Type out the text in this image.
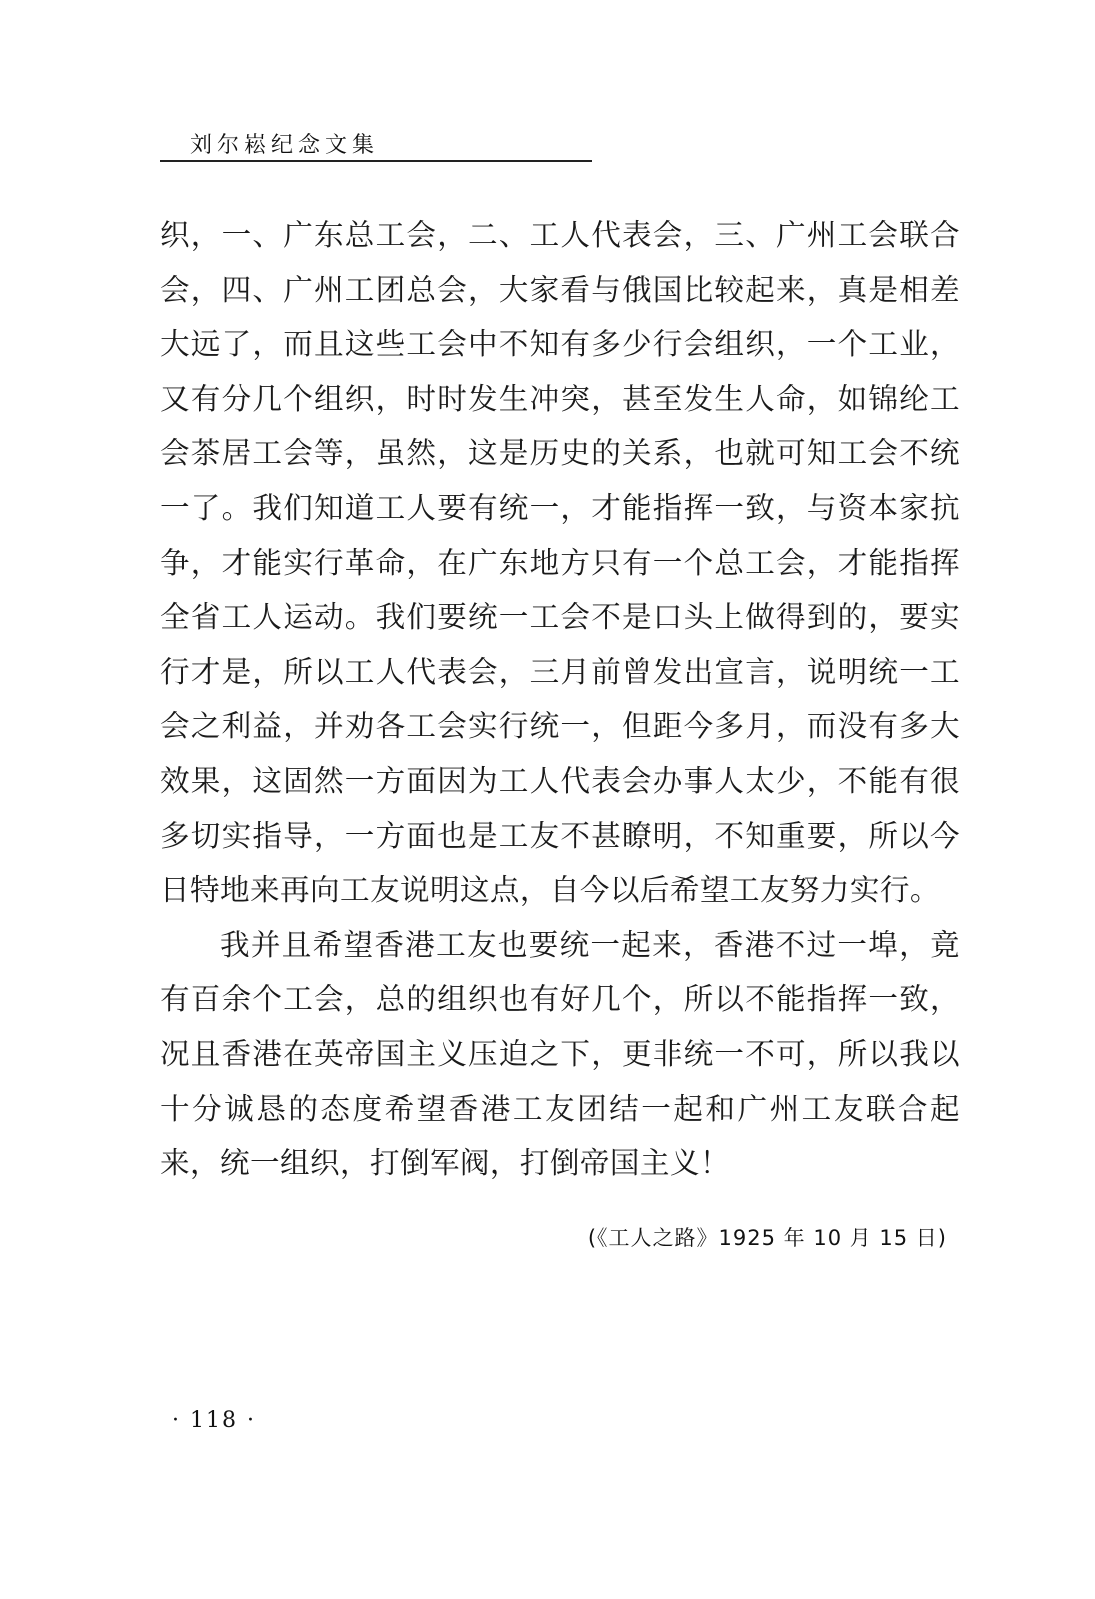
刘尔崧纪念文集

织，一、广东总工会，二、工人代表会，三、广州工会联合会，四、广州工团总会，大家看与俄国比较起来，真是相差大远了，而且这些工会中不知有多少行会组织，一个工业，又有分几个组织，时时发生冲突，甚至发生人命，如锦纶工会茶居工会等，虽然，这是历史的关系，也就可知工会不统一了。我们知道工人要有统一，才能指挥一致，与资本家抗争，才能实行革命，在广东地方只有一个总工会，才能指挥全省工人运动。我们要统一工会不是口头上做得到的，要实行才是，所以工人代表会，三月前曾发出宣言，说明统一工会之利益，并劝各工会实行统一，但距今多月，而没有多大效果，这固然一方面因为工人代表会办事人太少，不能有很多切实指导，一方面也是工友不甚瞭明，不知重要，所以今日特地来再向工友说明这点，自今以后希望工友努力实行。

我并且希望香港工友也要统一起来，香港不过一埠，竟有百余个工会，总的组织也有好几个，所以不能指挥一致，况且香港在英帝国主义压迫之下，更非统一不可，所以我以十分诚恳的态度希望香港工友团结一起和广州工友联合起来，统一组织，打倒军阀，打倒帝国主义！

(《工人之路》1925 年 10 月 15 日)
· 118 ·
